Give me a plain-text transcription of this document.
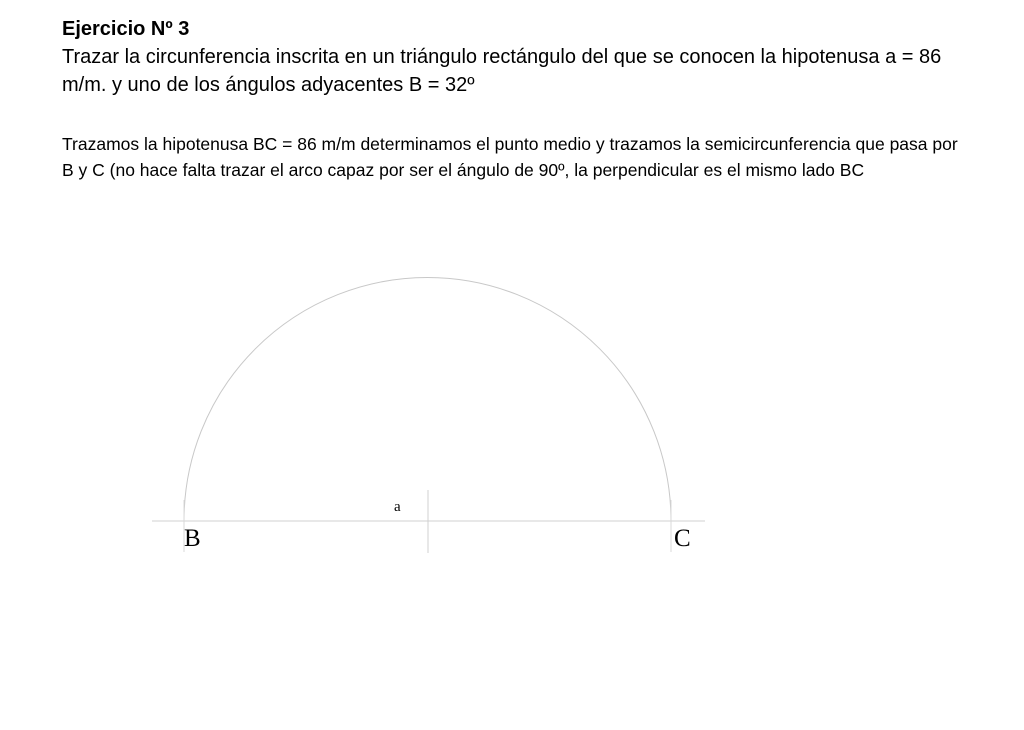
Ejercicio Nº 3
Trazar la circunferencia inscrita en un triángulo rectángulo del que se conocen la hipotenusa a = 86 m/m. y uno de los ángulos adyacentes B = 32º
Trazamos la hipotenusa BC = 86 m/m determinamos el punto medio y trazamos la semicircunferencia que pasa por B y C (no hace falta trazar el arco capaz por ser el ángulo de 90º, la perpendicular es el mismo lado BC
a
B	C
